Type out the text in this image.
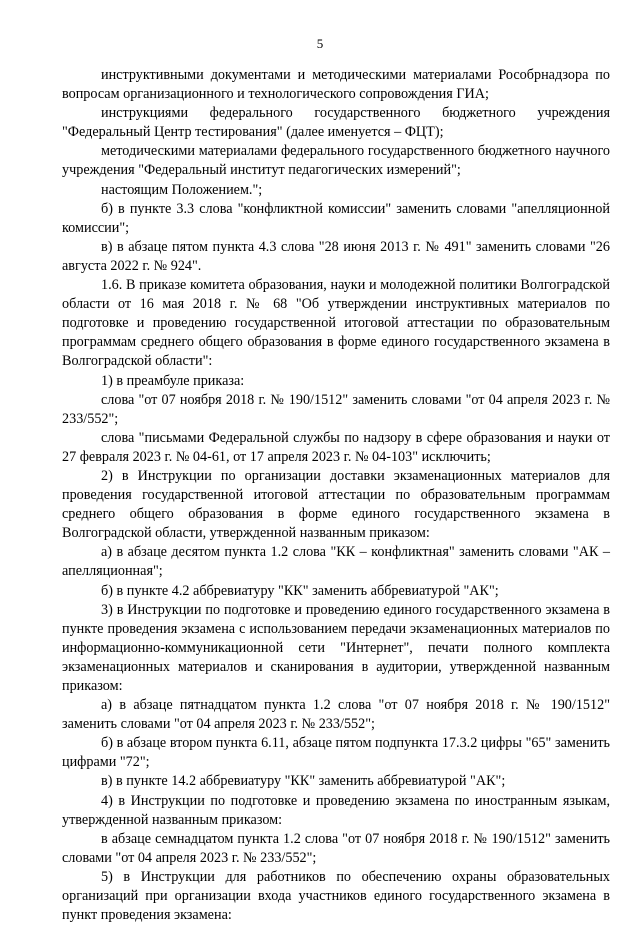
5

инструктивными документами и методическими материалами Рособрнадзора по вопросам организационного и технологического сопровождения ГИА;

инструкциями федерального государственного бюджетного учреждения "Федеральный Центр тестирования" (далее именуется – ФЦТ);

методическими материалами федерального государственного бюджетного научного учреждения "Федеральный институт педагогических измерений";

настоящим Положением.";

б) в пункте 3.3 слова "конфликтной комиссии" заменить словами "апелляционной комиссии";

в) в абзаце пятом пункта 4.3 слова "28 июня 2013 г. № 491" заменить словами "26 августа 2022 г. № 924".

1.6. В приказе комитета образования, науки и молодежной политики Волгоградской области от 16 мая 2018 г. № 68 "Об утверждении инструктивных материалов по подготовке и проведению государственной итоговой аттестации по образовательным программам среднего общего образования в форме единого государственного экзамена в Волгоградской области":

1) в преамбуле приказа:

слова "от 07 ноября 2018 г. № 190/1512" заменить словами "от 04 апреля 2023 г. № 233/552";

слова "письмами Федеральной службы по надзору в сфере образования и науки от 27 февраля 2023 г. № 04-61, от 17 апреля 2023 г. № 04-103" исключить;

2) в Инструкции по организации доставки экзаменационных материалов для проведения государственной итоговой аттестации по образовательным программам среднего общего образования в форме единого государственного экзамена в Волгоградской области, утвержденной названным приказом:

а) в абзаце десятом пункта 1.2 слова "КК – конфликтная" заменить словами "АК – апелляционная";

б) в пункте 4.2 аббревиатуру "КК" заменить аббревиатурой "АК";

3) в Инструкции по подготовке и проведению единого государственного экзамена в пункте проведения экзамена с использованием передачи экзаменационных материалов по информационно-коммуникационной сети "Интернет", печати полного комплекта экзаменационных материалов и сканирования в аудитории, утвержденной названным приказом:

а) в абзаце пятнадцатом пункта 1.2 слова "от 07 ноября 2018 г. № 190/1512" заменить словами "от 04 апреля 2023 г. № 233/552";

б) в абзаце втором пункта 6.11, абзаце пятом подпункта 17.3.2 цифры "65" заменить цифрами "72";

в) в пункте 14.2 аббревиатуру "КК" заменить аббревиатурой "АК";

4) в Инструкции по подготовке и проведению экзамена по иностранным языкам, утвержденной названным приказом:

в абзаце семнадцатом пункта 1.2 слова "от 07 ноября 2018 г. № 190/1512" заменить словами "от 04 апреля 2023 г. № 233/552";

5) в Инструкции для работников по обеспечению охраны образовательных организаций при организации входа участников единого государственного экзамена в пункт проведения экзамена:
